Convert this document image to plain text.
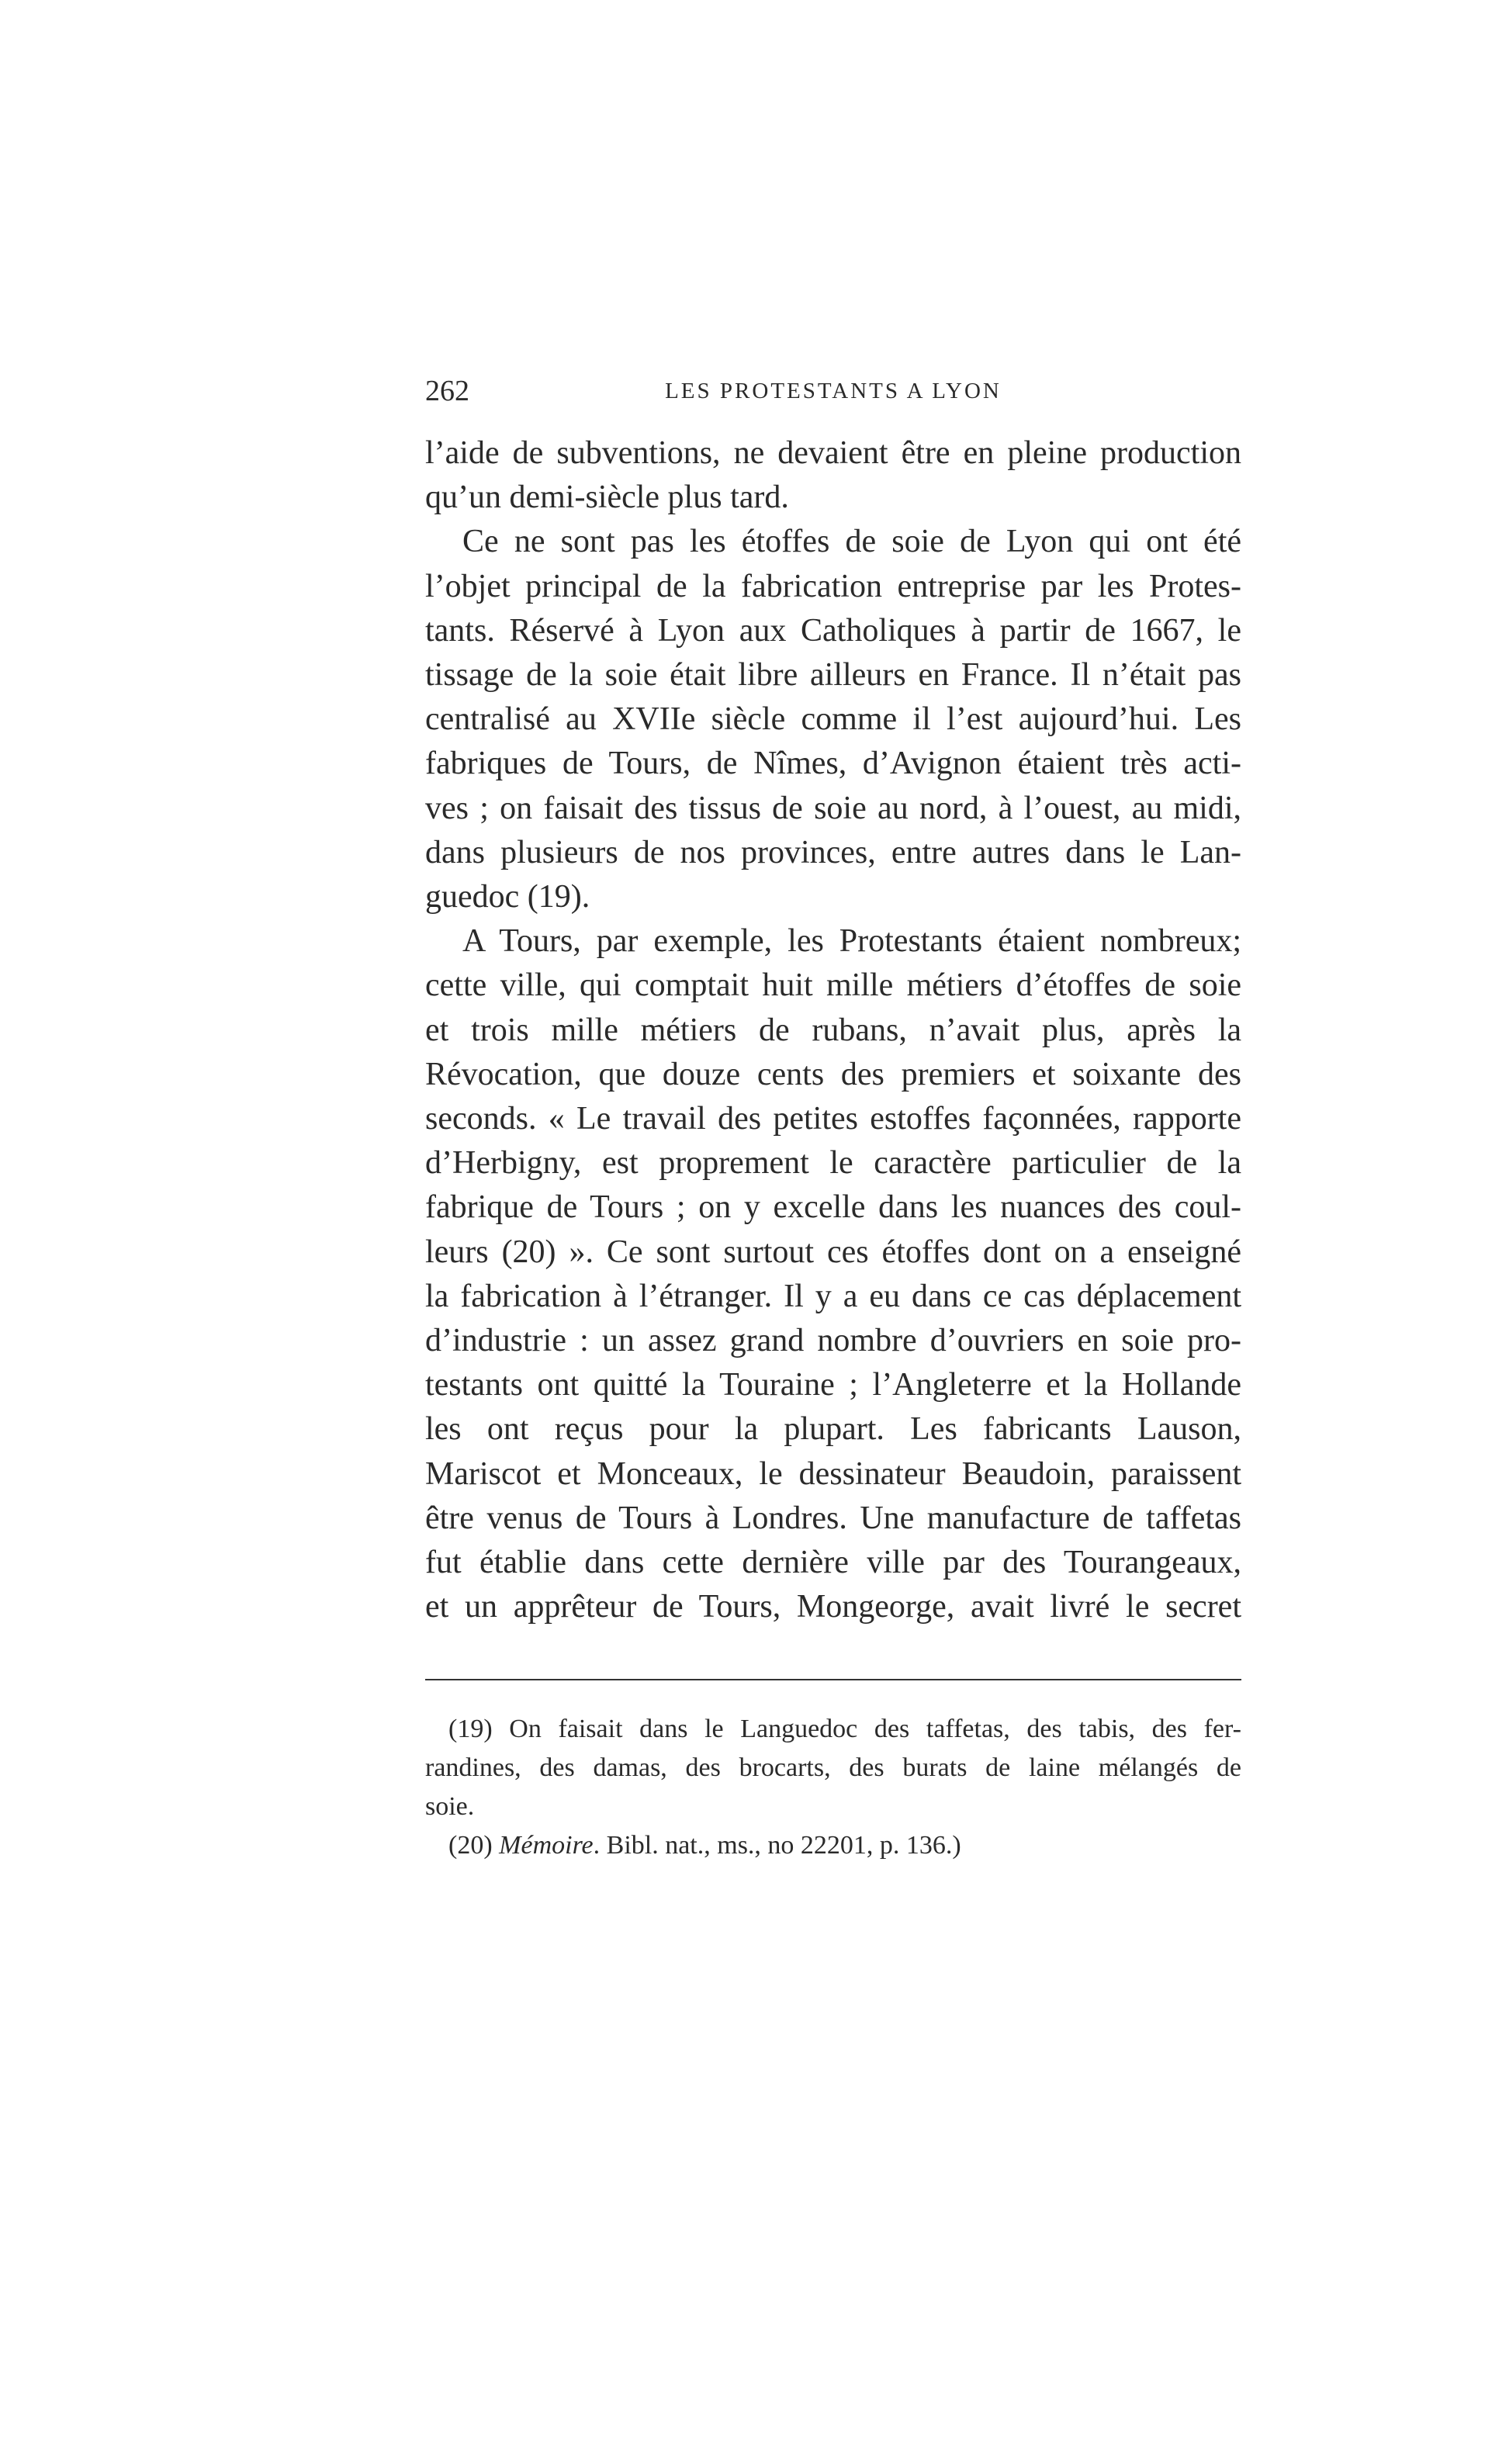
262	LES PROTESTANTS A LYON
l’aide de subventions, ne devaient être en pleine production
qu’un demi-siècle plus tard.
Ce ne sont pas les étoffes de soie de Lyon qui ont été
l’objet principal de la fabrication entreprise par les Protes-
tants. Réservé à Lyon aux Catholiques à partir de 1667, le
tissage de la soie était libre ailleurs en France. Il n’était pas
centralisé au XVIIe siècle comme il l’est aujourd’hui. Les
fabriques de Tours, de Nîmes, d’Avignon étaient très acti-
ves ; on faisait des tissus de soie au nord, à l’ouest, au midi,
dans plusieurs de nos provinces, entre autres dans le Lan-
guedoc (19).
A Tours, par exemple, les Protestants étaient nombreux;
cette ville, qui comptait huit mille métiers d’étoffes de soie
et trois mille métiers de rubans, n’avait plus, après la
Révocation, que douze cents des premiers et soixante des
seconds. « Le travail des petites estoffes façonnées, rapporte
d’Herbigny, est proprement le caractère particulier de la
fabrique de Tours ; on y excelle dans les nuances des coul-
leurs (20) ». Ce sont surtout ces étoffes dont on a enseigné
la fabrication à l’étranger. Il y a eu dans ce cas déplacement
d’industrie : un assez grand nombre d’ouvriers en soie pro-
testants ont quitté la Touraine ; l’Angleterre et la Hollande
les ont reçus pour la plupart. Les fabricants Lauson,
Mariscot et Monceaux, le dessinateur Beaudoin, paraissent
être venus de Tours à Londres. Une manufacture de taffetas
fut établie dans cette dernière ville par des Tourangeaux,
et un apprêteur de Tours, Mongeorge, avait livré le secret
(19) On faisait dans le Languedoc des taffetas, des tabis, des fer-
randines, des damas, des brocarts, des burats de laine mélangés de
soie.
(20) Mémoire. Bibl. nat., ms., no 22201, p. 136.)
